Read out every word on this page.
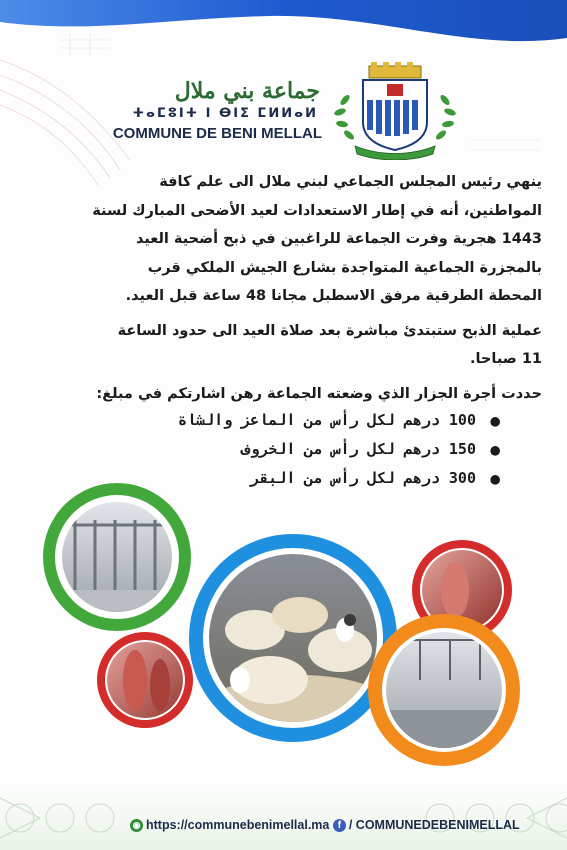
جماعة بني ملال
ⵜⴰⵎⵓⵏⵜ ⵏ ⴱⵏⵉ ⵎⵍⵍⴰⵍ
COMMUNE DE BENI MELLAL

ينهي رئيس المجلس الجماعي لبني ملال الى علم كافة
المواطنين، أنه في إطار الاستعدادات لعيد الأضحى المبارك لسنة
1443 هجرية وفرت الجماعة للراغبين في ذبح أضحية العيد
بالمجزرة الجماعية المتواجدة بشارع الجيش الملكي قرب
المحطة الطرقية مرفق الاسطبل مجانا 48 ساعة قبل العيد.

عملية الذبح ستبتدئ مباشرة بعد صلاة العيد الى حدود الساعة
11 صباحا.

حددت أجرة الجزار الذي وضعته الجماعة رهن اشارتكم في مبلغ:

●
100 درهم لكل رأس من الماعز والشاة
●
150 درهم لكل رأس من الخروف
●
300 درهم لكل رأس من البقر
◉ https://communebenimellal.ma f / COMMUNEDEBENIMELLAL
